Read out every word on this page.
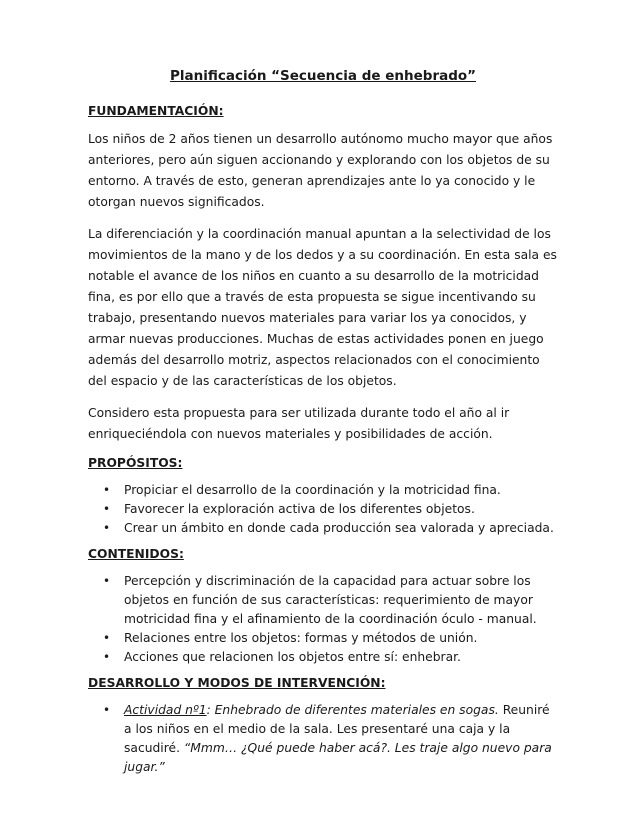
Planificación “Secuencia de enhebrado”
FUNDAMENTACIÓN:

Los niños de 2 años tienen un desarrollo autónomo mucho mayor que años anteriores, pero aún siguen accionando y explorando con los objetos de su entorno. A través de esto, generan aprendizajes ante lo ya conocido y le otorgan nuevos significados.

La diferenciación y la coordinación manual apuntan a la selectividad de los movimientos de la mano y de los dedos y a su coordinación. En esta sala es notable el avance de los niños en cuanto a su desarrollo de la motricidad fina, es por ello que a través de esta propuesta se sigue incentivando su trabajo, presentando nuevos materiales para variar los ya conocidos, y armar nuevas producciones. Muchas de estas actividades ponen en juego además del desarrollo motriz, aspectos relacionados con el conocimiento del espacio y de las características de los objetos.

Considero esta propuesta para ser utilizada durante todo el año al ir enriqueciéndola con nuevos materiales y posibilidades de acción.

PROPÓSITOS:
• Propiciar el desarrollo de la coordinación y la motricidad fina.
• Favorecer la exploración activa de los diferentes objetos.
• Crear un ámbito en donde cada producción sea valorada y apreciada.
CONTENIDOS:
• Percepción y discriminación de la capacidad para actuar sobre los objetos en función de sus características: requerimiento de mayor motricidad fina y el afinamiento de la coordinación óculo - manual.
• Relaciones entre los objetos: formas y métodos de unión.
• Acciones que relacionen los objetos entre sí: enhebrar.
DESARROLLO Y MODOS DE INTERVENCIÓN:
• Actividad nº1: Enhebrado de diferentes materiales en sogas. Reuniré a los niños en el medio de la sala. Les presentaré una caja y la sacudiré. “Mmm… ¿Qué puede haber acá?. Les traje algo nuevo para jugar.”
